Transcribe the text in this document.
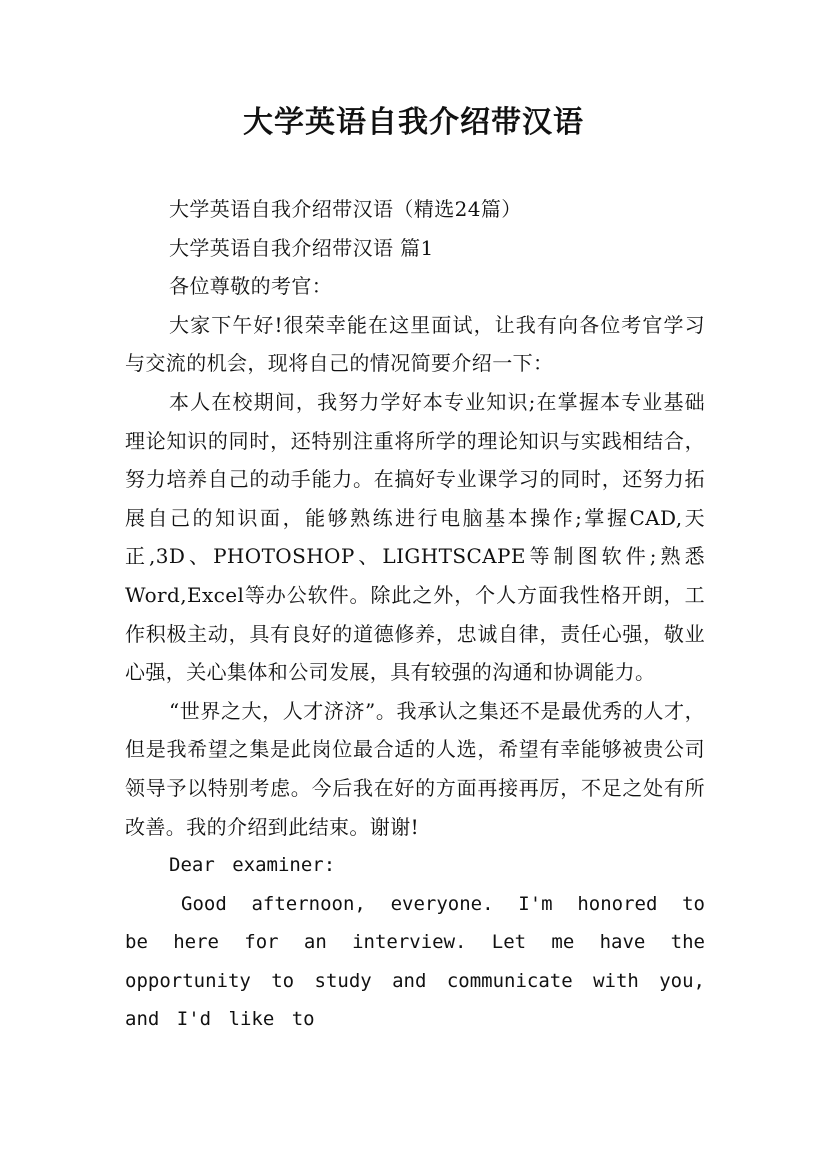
大学英语自我介绍带汉语

大学英语自我介绍带汉语（精选24篇）

大学英语自我介绍带汉语 篇1

各位尊敬的考官：

大家下午好!很荣幸能在这里面试，让我有向各位考官学习与交流的机会，现将自己的情况简要介绍一下：

本人在校期间，我努力学好本专业知识;在掌握本专业基础理论知识的同时，还特别注重将所学的理论知识与实践相结合，努力培养自己的动手能力。在搞好专业课学习的同时，还努力拓展自己的知识面，能够熟练进行电脑基本操作;掌握CAD,天正,3D、PHOTOSHOP、LIGHTSCAPE等制图软件;熟悉Word,Excel等办公软件。除此之外，个人方面我性格开朗，工作积极主动，具有良好的道德修养，忠诚自律，责任心强，敬业心强，关心集体和公司发展，具有较强的沟通和协调能力。

“世界之大，人才济济”。我承认之集还不是最优秀的人才，但是我希望之集是此岗位最合适的人选，希望有幸能够被贵公司领导予以特别考虑。今后我在好的方面再接再厉，不足之处有所改善。我的介绍到此结束。谢谢!

Dear examiner:

Good afternoon, everyone. I'm honored to be here for an interview. Let me have the opportunity to study and communicate with you, and I'd like to
